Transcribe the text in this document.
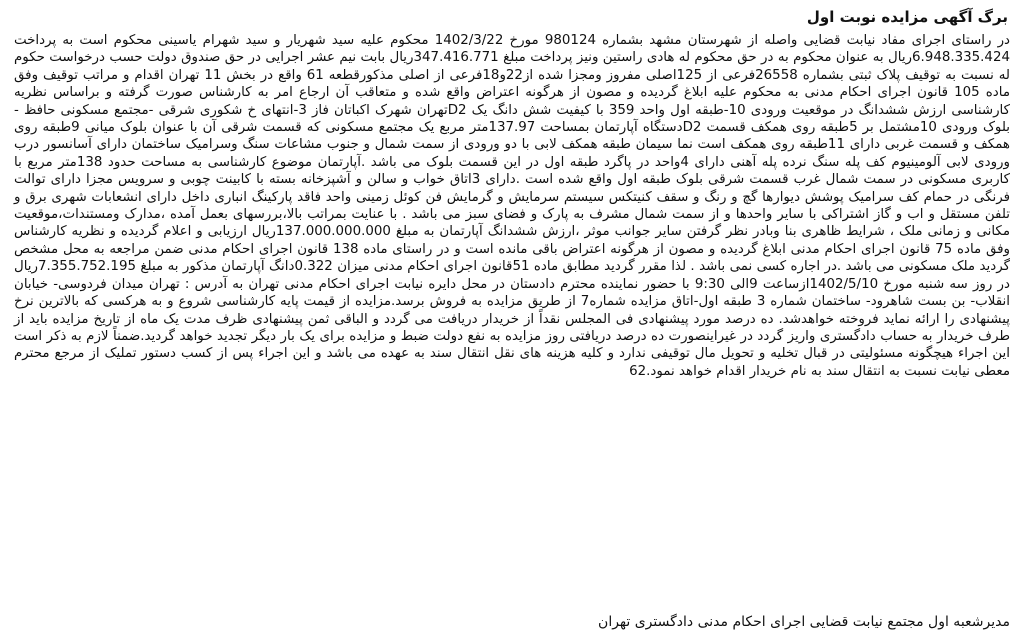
برگ آگهی مزایده نوبت اول

در راستای اجرای مفاد نیابت قضایی واصله از شهرستان مشهد بشماره 980124 مورخ 1402/3/22 محکوم علیه سید شهریار و سید شهرام یاسینی محکوم است به پرداخت 6.948.335.424ریال به عنوان محکوم به در حق محکوم له هادی راستین ونیز پرداخت مبلغ 347.416.771ریال بابت نیم عشر اجرایی در حق صندوق دولت حسب درخواست حکوم له نسبت به توقیف پلاک ثبتی بشماره 26558فرعی از 125اصلی مفروز ومجزا شده از22و18فرعی از اصلی مذکورقطعه 61 واقع در بخش 11 تهران اقدام و مراتب توقیف وفق ماده 105 قانون اجرای احکام مدنی به محکوم علیه ابلاغ گردیده و مصون از هرگونه اعتراض واقع شده و متعاقب آن ارجاع امر به کارشناس صورت گرفته و براساس نظریه کارشناسی ارزش ششدانگ در موقعیت ورودی 10-طبقه اول واحد 359 با کیفیت شش دانگ یک D2تهران شهرک اکباتان فاز 3-انتهای خ شکوری شرقی -مجتمع مسکونی حافظ - بلوک ورودی 10مشتمل بر 5طبقه روی همکف قسمت D2دستگاه آپارتمان بمساحت 137.97متر مربع یک مجتمع مسکونی که قسمت شرقی آن با عنوان بلوک میانی 9طبقه روی همکف و قسمت غربی دارای 11طبقه روی همکف است نما سیمان طبقه همکف لابی با دو ورودی از سمت شمال و جنوب مشاعات سنگ وسرامیک ساختمان دارای آسانسور درب ورودی لابی آلومینیوم کف پله سنگ نرده پله آهنی دارای 4واحد در پاگرد طبقه اول در این قسمت بلوک می باشد .آپارتمان موضوع کارشناسی به مساحت حدود 138متر مربع با کاربری مسکونی در سمت شمال غرب قسمت شرقی بلوک طبقه اول واقع شده است .دارای 3اتاق خواب و سالن و آشپزخانه بسته با کابینت چوبی و سرویس مجزا دارای توالت فرنگی در حمام کف سرامیک پوشش دیوارها گچ و رنگ و سقف کنیتکس سیستم سرمایش و گرمایش فن کوئل زمینی واحد فاقد پارکینگ انباری داخل دارای انشعابات شهری برق و تلفن مستقل و اب و گاز اشتراکی با سایر واحدها و از سمت شمال مشرف به پارک و فضای سبز می باشد . با عنایت بمراتب بالا،بررسهای بعمل آمده ،مدارک ومستندات،موقعیت مکانی و زمانی ملک ، شرایط ظاهری بنا وبادر نظر گرفتن سایر جوانب موثر ،ارزش ششدانگ آپارتمان به مبلغ 137.000.000.000ریال ارزیابی و اعلام گردیده و نظریه کارشناس وفق ماده 75 قانون اجرای احکام مدنی ابلاغ گردیده و مصون از هرگونه اعتراض باقی مانده است و در راستای ماده 138 قانون اجرای احکام مدنی ضمن مراجعه به محل مشخص گردید ملک مسکونی می باشد .در اجاره کسی نمی باشد . لذا مقرر گردید مطابق ماده 51قانون اجرای احکام مدنی میزان 0.322دانگ آپارتمان مذکور به مبلغ 7.355.752.195ریال در روز سه شنبه مورخ 1402/5/10ازساعت 9الی 9:30 با حضور نماینده محترم دادستان در محل دایره نیابت اجرای احکام مدنی تهران به آدرس : تهران میدان فردوسی- خیابان انقلاب- بن بست شاهرود- ساختمان شماره 3 طبقه اول-اتاق مزایده شماره7 از طریق مزایده به فروش برسد.مزایده از قیمت پایه کارشناسی شروع و به هرکسی که بالاترین نرخ پیشنهادی را ارائه نماید فروخته خواهدشد. ده درصد مورد پیشنهادی فی المجلس نقداً از خریدار دریافت می گردد و الباقی ثمن پیشنهادی ظرف مدت یک ماه از تاریخ مزایده باید از طرف خریدار به حساب دادگستری واریز گردد در غیراینصورت ده درصد دریافتی روز مزایده به نفع دولت ضبط و مزایده برای یک بار دیگر تجدید خواهد گردید.ضمناً لازم به ذکر است این اجراء هیچگونه مسئولیتی در قبال تخلیه و تحویل مال توقیفی ندارد و کلیه هزینه های نقل انتقال سند به عهده می باشد و این اجراء پس از کسب دستور تملیک از مرجع محترم معطی نیابت نسبت به انتقال سند به نام خریدار اقدام خواهد نمود.62

مدیرشعبه اول مجتمع نیابت قضایی اجرای احکام مدنی دادگستری تهران
